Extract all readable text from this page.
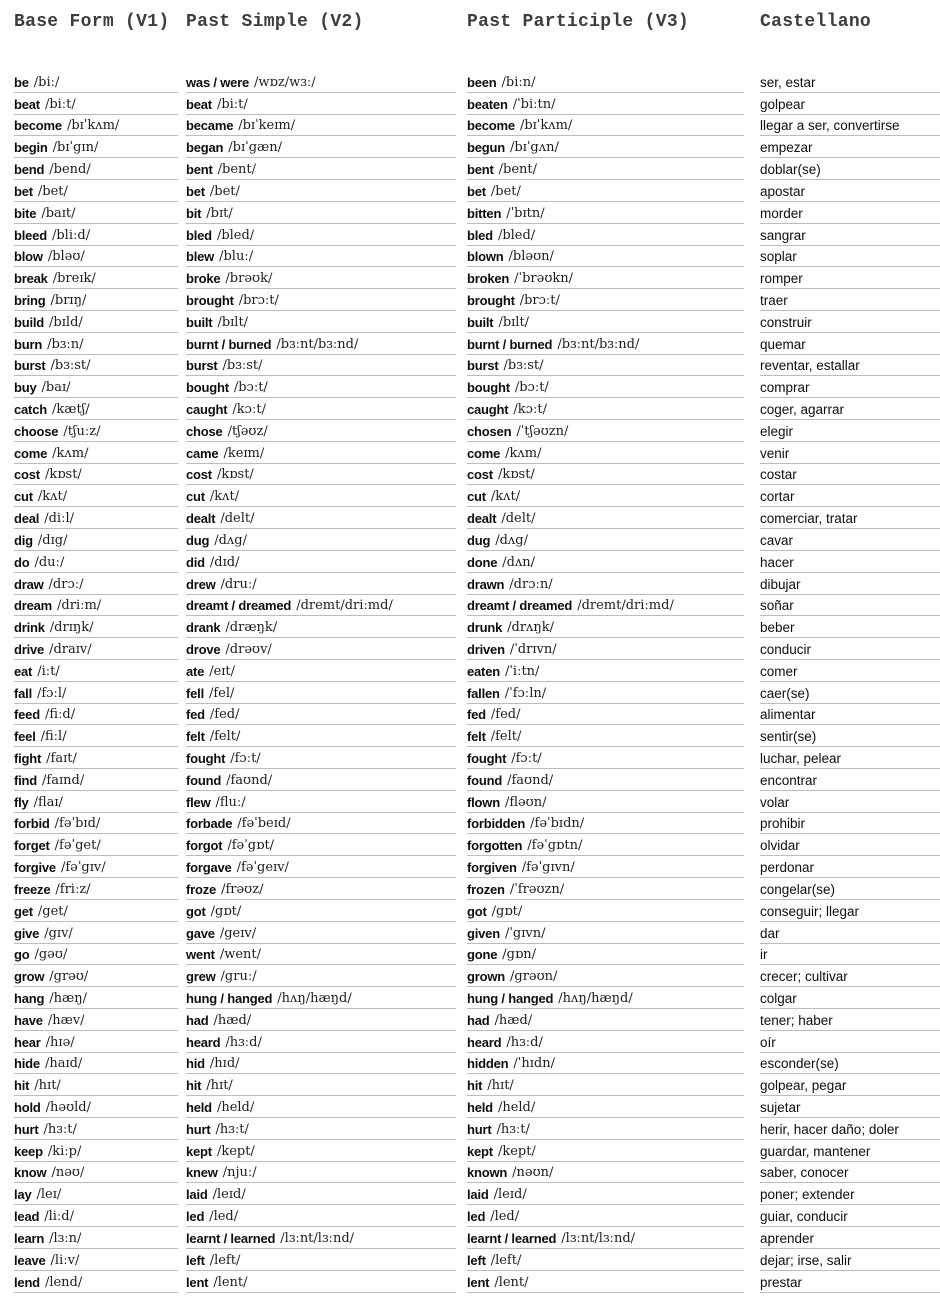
Base Form (V1) Past Simple (V2)	Past Participle (V3)	Castellano
be /biː/
beat /biːt/
become /bɪˈkʌm/
begin /bɪˈgɪn/
bend /bend/
bet /bet/
bite /baɪt/
bleed /bliːd/
blow /bləʊ/
break /breɪk/
bring /brɪŋ/
build /bɪld/
burn /bɜːn/
burst /bɜːst/
buy /baɪ/
catch /kætʃ/
choose /tʃuːz/
come /kʌm/
cost /kɒst/
cut /kʌt/
deal /diːl/
dig /dɪg/
do /duː/
draw /drɔː/
dream /driːm/
drink /drɪŋk/
drive /draɪv/
eat /iːt/
fall /fɔːl/
feed /fiːd/
feel /fiːl/
fight /faɪt/
find /faɪnd/
fly /flaɪ/
forbid /fəˈbɪd/
forget /fəˈget/
forgive /fəˈgɪv/
freeze /friːz/
get /get/
give /gɪv/
go /gəʊ/
grow /grəʊ/
hang /hæŋ/
have /hæv/
hear /hɪə/
hide /haɪd/
hit /hɪt/
hold /həʊld/
hurt /hɜːt/
keep /kiːp/
know /nəʊ/
lay /leɪ/
lead /liːd/
learn /lɜːn/
leave /liːv/
lend /lend/
was / were /wɒz/wɜː/
beat /biːt/
became /bɪˈkeɪm/
began /bɪˈgæn/
bent /bent/
bet /bet/
bit /bɪt/
bled /bled/
blew /bluː/
broke /brəʊk/
brought /brɔːt/
built /bɪlt/
burnt / burned /bɜːnt/bɜːnd/
burst /bɜːst/
bought /bɔːt/
caught /kɔːt/
chose /tʃəʊz/
came /keɪm/
cost /kɒst/
cut /kʌt/
dealt /delt/
dug /dʌg/
did /dɪd/
drew /druː/
dreamt / dreamed /dremt/driːmd/
drank /dræŋk/
drove /drəʊv/
ate /eɪt/
fell /fel/
fed /fed/
felt /felt/
fought /fɔːt/
found /faʊnd/
flew /fluː/
forbade /fəˈbeɪd/
forgot /fəˈgɒt/
forgave /fəˈgeɪv/
froze /frəʊz/
got /gɒt/
gave /geɪv/
went /went/
grew /gruː/
hung / hanged /hʌŋ/hæŋd/
had /hæd/
heard /hɜːd/
hid /hɪd/
hit /hɪt/
held /held/
hurt /hɜːt/
kept /kept/
knew /njuː/
laid /leɪd/
led /led/
learnt / learned /lɜːnt/lɜːnd/
left /left/
lent /lent/
been /biːn/
beaten /ˈbiːtn/
become /bɪˈkʌm/
begun /bɪˈgʌn/
bent /bent/
bet /bet/
bitten /ˈbɪtn/
bled /bled/
blown /bləʊn/
broken /ˈbrəʊkn/
brought /brɔːt/
built /bɪlt/
burnt / burned /bɜːnt/bɜːnd/
burst /bɜːst/
bought /bɔːt/
caught /kɔːt/
chosen /ˈtʃəʊzn/
come /kʌm/
cost /kɒst/
cut /kʌt/
dealt /delt/
dug /dʌg/
done /dʌn/
drawn /drɔːn/
dreamt / dreamed /dremt/driːmd/
drunk /drʌŋk/
driven /ˈdrɪvn/
eaten /ˈiːtn/
fallen /ˈfɔːln/
fed /fed/
felt /felt/
fought /fɔːt/
found /faʊnd/
flown /fləʊn/
forbidden /fəˈbɪdn/
forgotten /fəˈgɒtn/
forgiven /fəˈgɪvn/
frozen /ˈfrəʊzn/
got /gɒt/
given /ˈgɪvn/
gone /gɒn/
grown /grəʊn/
hung / hanged /hʌŋ/hæŋd/
had /hæd/
heard /hɜːd/
hidden /ˈhɪdn/
hit /hɪt/
held /held/
hurt /hɜːt/
kept /kept/
known /nəʊn/
laid /leɪd/
led /led/
learnt / learned /lɜːnt/lɜːnd/
left /left/
lent /lent/
ser, estar
golpear
llegar a ser, convertirse
empezar
doblar(se)
apostar
morder
sangrar
soplar
romper
traer
construir
quemar
reventar, estallar
comprar
coger, agarrar
elegir
venir
costar
cortar
comerciar, tratar
cavar
hacer
dibujar
soñar
beber
conducir
comer
caer(se)
alimentar
sentir(se)
luchar, pelear
encontrar
volar
prohibir
olvidar
perdonar
congelar(se)
conseguir; llegar
dar
ir
crecer; cultivar
colgar
tener; haber
oír
esconder(se)
golpear, pegar
sujetar
herir, hacer daño; doler
guardar, mantener
saber, conocer
poner; extender
guiar, conducir
aprender
dejar; irse, salir
prestar
